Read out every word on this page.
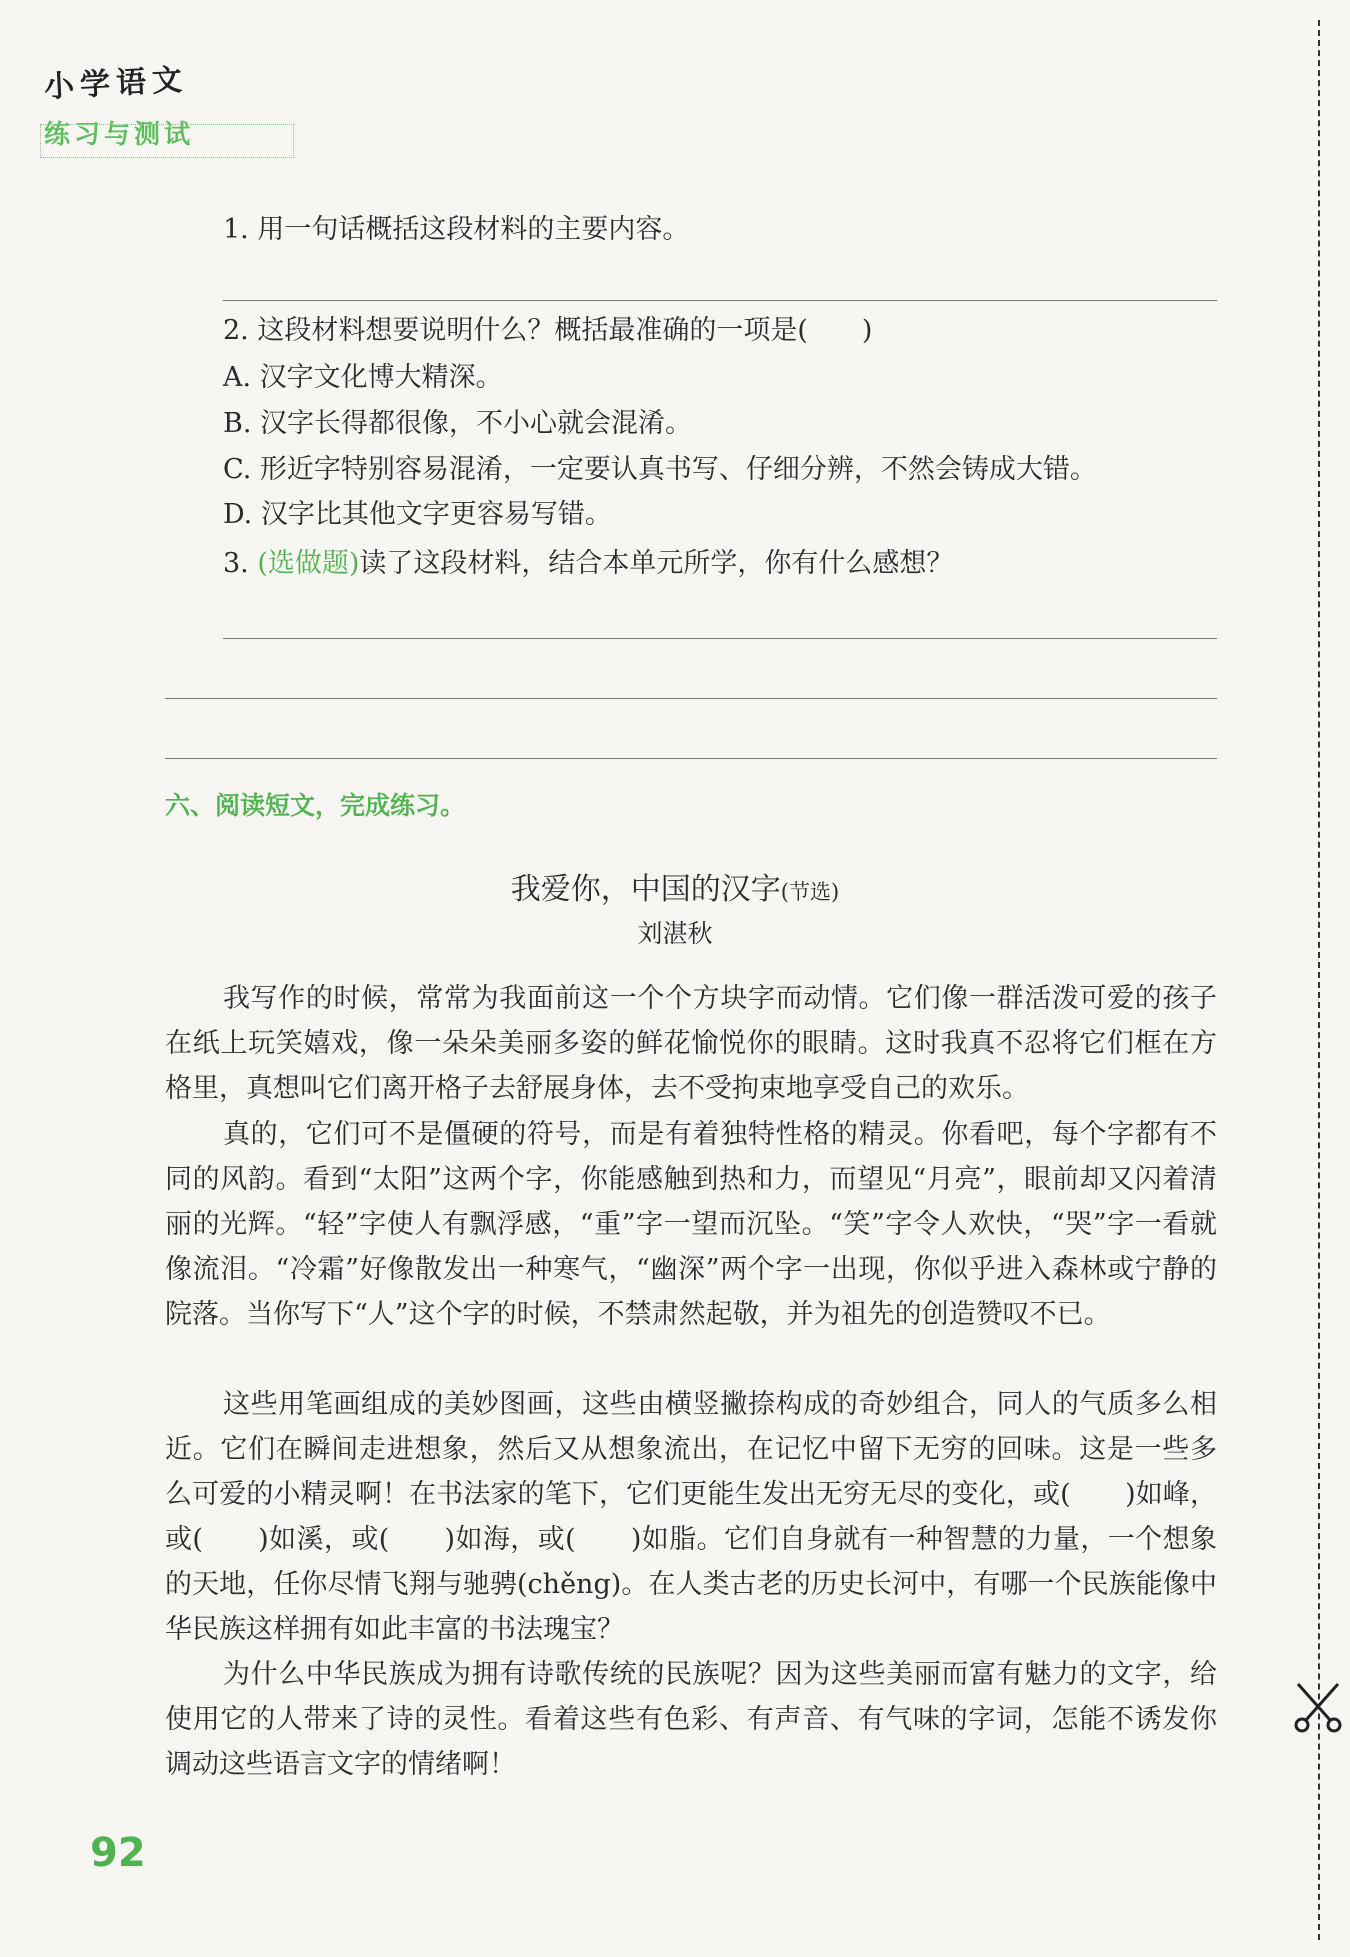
小学语文
练习与测试
1. 用一句话概括这段材料的主要内容。
2. 这段材料想要说明什么？概括最准确的一项是(　　)
A. 汉字文化博大精深。
B. 汉字长得都很像，不小心就会混淆。
C. 形近字特别容易混淆，一定要认真书写、仔细分辨，不然会铸成大错。
D. 汉字比其他文字更容易写错。
3. (选做题)读了这段材料，结合本单元所学，你有什么感想？
六、阅读短文，完成练习。
我爱你，中国的汉字(节选)
刘湛秋

我写作的时候，常常为我面前这一个个方块字而动情。它们像一群活泼可爱的孩子在纸上玩笑嬉戏，像一朵朵美丽多姿的鲜花愉悦你的眼睛。这时我真不忍将它们框在方格里，真想叫它们离开格子去舒展身体，去不受拘束地享受自己的欢乐。

真的，它们可不是僵硬的符号，而是有着独特性格的精灵。你看吧，每个字都有不同的风韵。看到“太阳”这两个字，你能感触到热和力，而望见“月亮”，眼前却又闪着清丽的光辉。“轻”字使人有飘浮感，“重”字一望而沉坠。“笑”字令人欢快，“哭”字一看就像流泪。“冷霜”好像散发出一种寒气，“幽深”两个字一出现，你似乎进入森林或宁静的院落。当你写下“人”这个字的时候，不禁肃然起敬，并为祖先的创造赞叹不已。

这些用笔画组成的美妙图画，这些由横竖撇捺构成的奇妙组合，同人的气质多么相近。它们在瞬间走进想象，然后又从想象流出，在记忆中留下无穷的回味。这是一些多么可爱的小精灵啊！在书法家的笔下，它们更能生发出无穷无尽的变化，或(　　)如峰，或(　　)如溪，或(　　)如海，或(　　)如脂。它们自身就有一种智慧的力量，一个想象的天地，任你尽情飞翔与驰骋(chěng)。在人类古老的历史长河中，有哪一个民族能像中华民族这样拥有如此丰富的书法瑰宝？

为什么中华民族成为拥有诗歌传统的民族呢？因为这些美丽而富有魅力的文字，给使用它的人带来了诗的灵性。看着这些有色彩、有声音、有气味的字词，怎能不诱发你调动这些语言文字的情绪啊！

92
